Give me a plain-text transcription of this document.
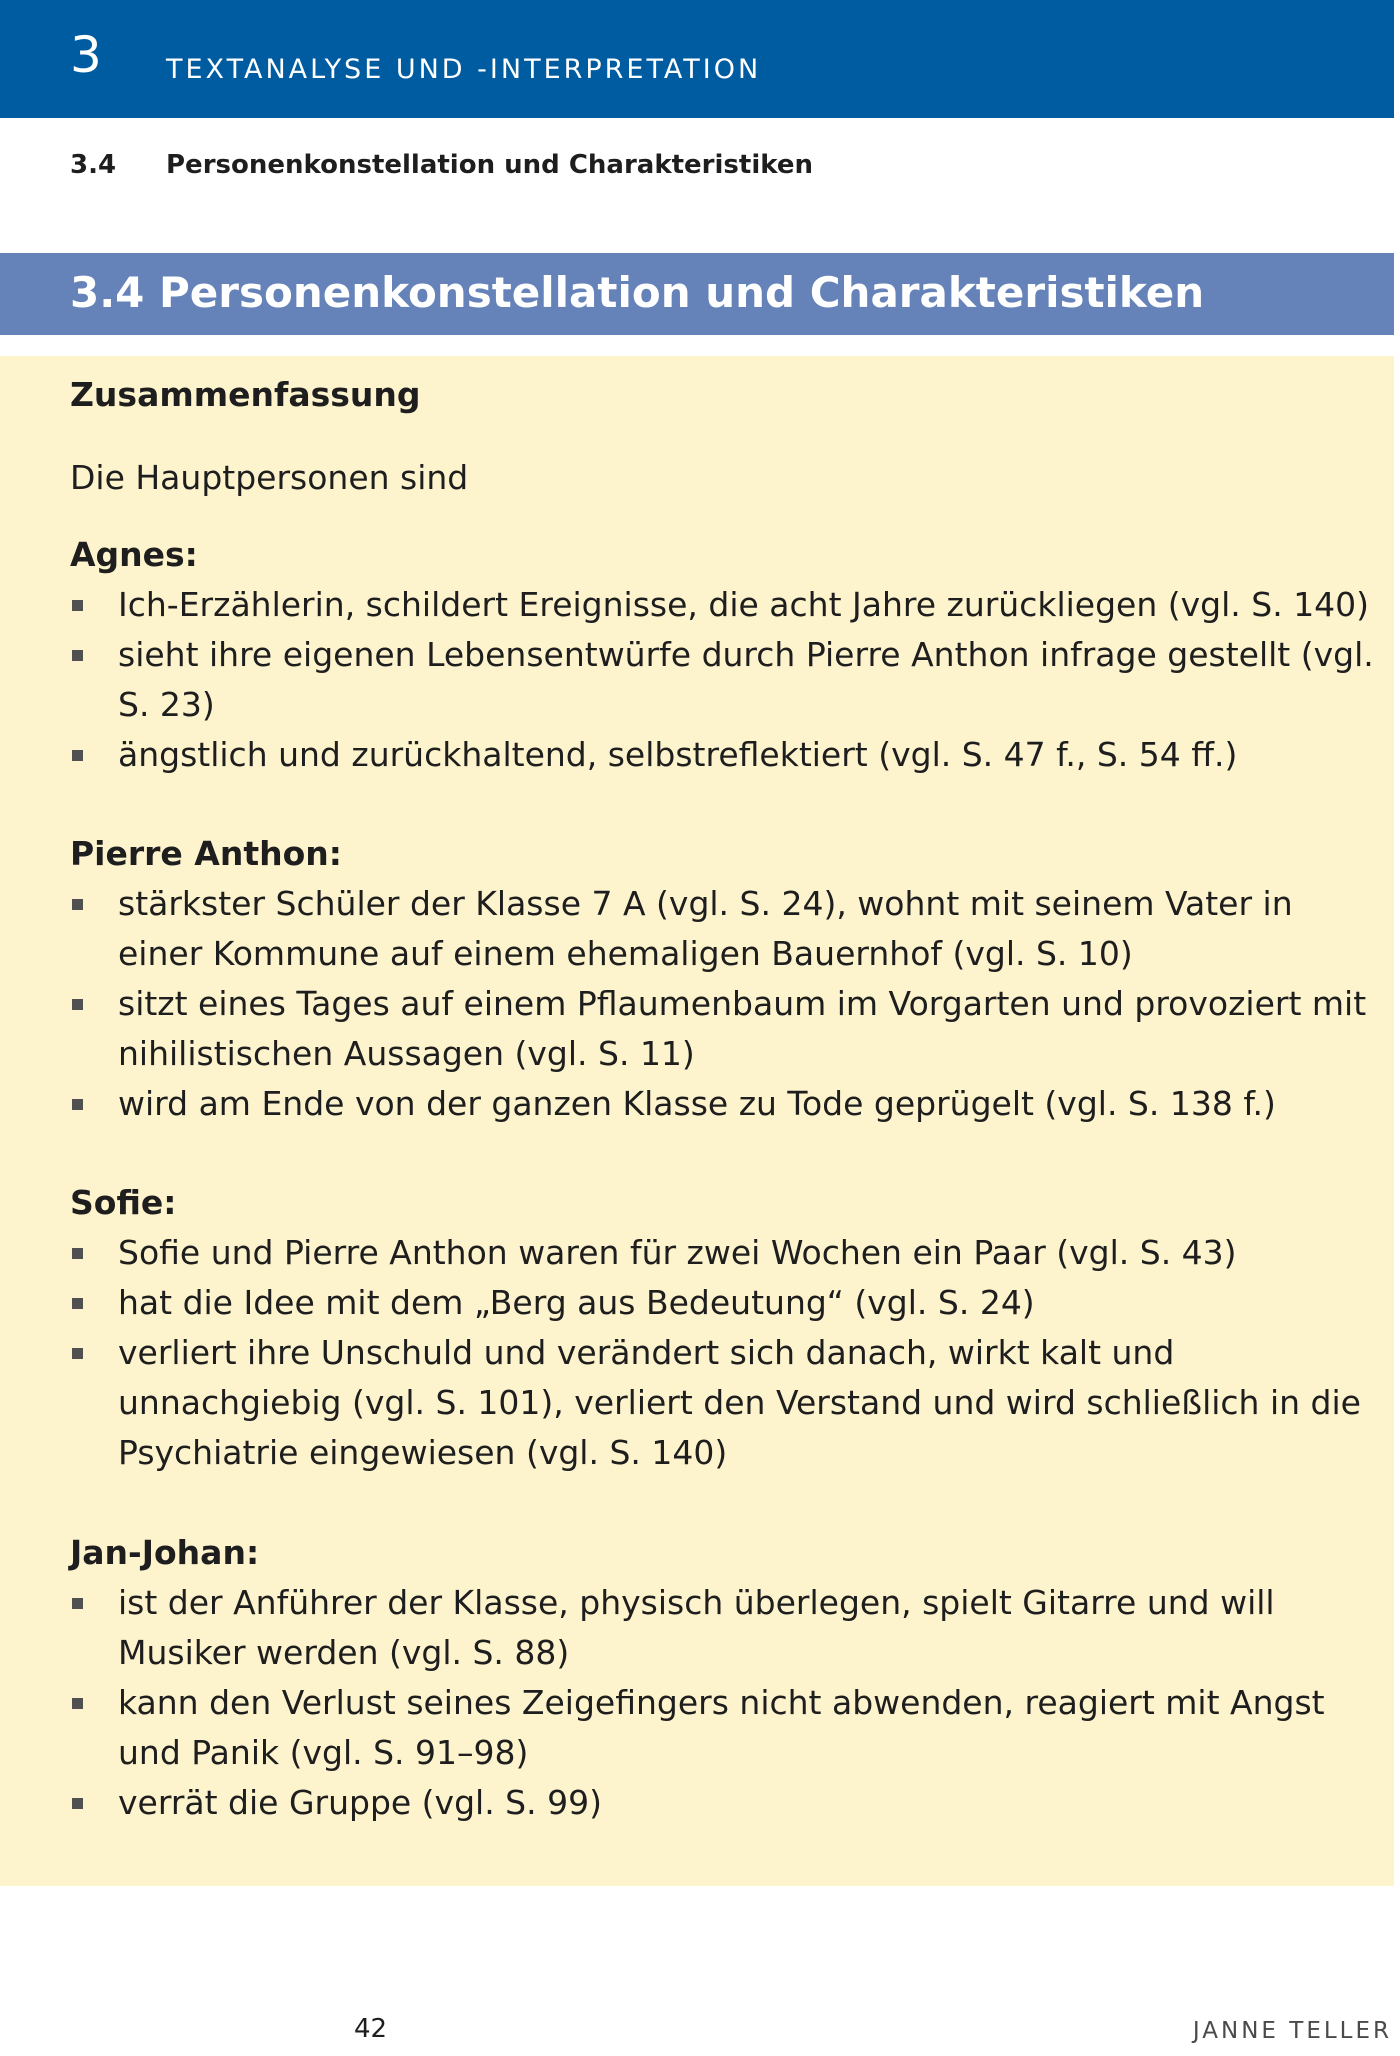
3 TEXTANALYSE UND -INTERPRETATION
3.4 Personenkonstellation und Charakteristiken
3.4 Personenkonstellation und Charakteristiken
Zusammenfassung
Die Hauptpersonen sind
Agnes:
Ich-Erzählerin, schildert Ereignisse, die acht Jahre zurückliegen (vgl. S. 140)
sieht ihre eigenen Lebensentwürfe durch Pierre Anthon infrage gestellt (vgl. S. 23)
ängstlich und zurückhaltend, selbstreflektiert (vgl. S. 47 f., S. 54 ff.)
Pierre Anthon:
stärkster Schüler der Klasse 7 A (vgl. S. 24), wohnt mit seinem Vater in einer Kommune auf einem ehemaligen Bauernhof (vgl. S. 10)
sitzt eines Tages auf einem Pflaumenbaum im Vorgarten und provoziert mit nihilistischen Aussagen (vgl. S. 11)
wird am Ende von der ganzen Klasse zu Tode geprügelt (vgl. S. 138 f.)
Sofie:
Sofie und Pierre Anthon waren für zwei Wochen ein Paar (vgl. S. 43)
hat die Idee mit dem „Berg aus Bedeutung“ (vgl. S. 24)
verliert ihre Unschuld und verändert sich danach, wirkt kalt und unnachgiebig (vgl. S. 101), verliert den Verstand und wird schließlich in die Psychiatrie eingewiesen (vgl. S. 140)
Jan-Johan:
ist der Anführer der Klasse, physisch überlegen, spielt Gitarre und will Musiker werden (vgl. S. 88)
kann den Verlust seines Zeigefingers nicht abwenden, reagiert mit Angst und Panik (vgl. S. 91–98)
verrät die Gruppe (vgl. S. 99)
42	JANNE TELLER
